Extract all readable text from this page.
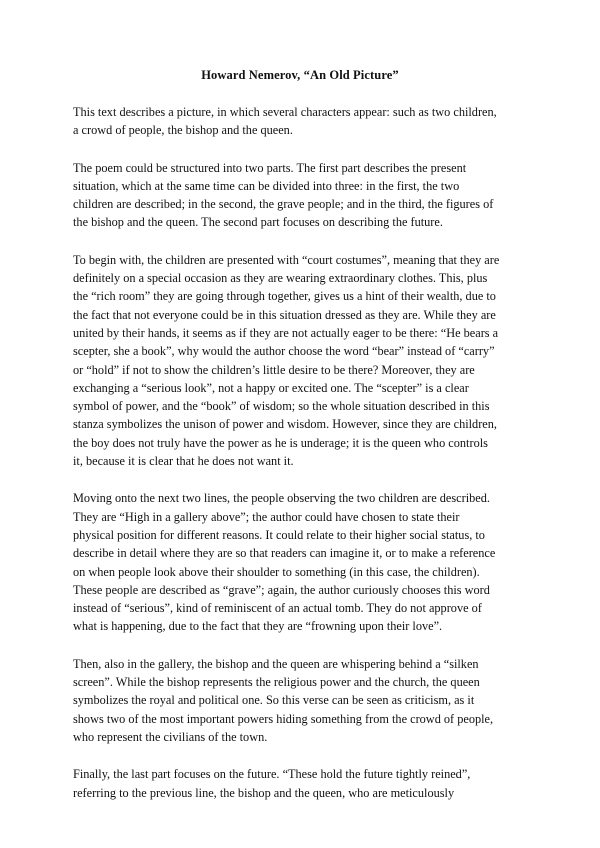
Howard Nemerov, “An Old Picture”

This text describes a picture, in which several characters appear: such as two children,
a crowd of people, the bishop and the queen.

The poem could be structured into two parts. The first part describes the present
situation, which at the same time can be divided into three: in the first, the two
children are described; in the second, the grave people; and in the third, the figures of
the bishop and the queen. The second part focuses on describing the future.

To begin with, the children are presented with “court costumes”, meaning that they are
definitely on a special occasion as they are wearing extraordinary clothes. This, plus
the “rich room” they are going through together, gives us a hint of their wealth, due to
the fact that not everyone could be in this situation dressed as they are. While they are
united by their hands, it seems as if they are not actually eager to be there: “He bears a
scepter, she a book”, why would the author choose the word “bear” instead of “carry”
or “hold” if not to show the children’s little desire to be there? Moreover, they are
exchanging a “serious look”, not a happy or excited one. The “scepter” is a clear
symbol of power, and the “book” of wisdom; so the whole situation described in this
stanza symbolizes the unison of power and wisdom. However, since they are children,
the boy does not truly have the power as he is underage; it is the queen who controls
it, because it is clear that he does not want it.

Moving onto the next two lines, the people observing the two children are described.
They are “High in a gallery above”; the author could have chosen to state their
physical position for different reasons. It could relate to their higher social status, to
describe in detail where they are so that readers can imagine it, or to make a reference
on when people look above their shoulder to something (in this case, the children).
These people are described as “grave”; again, the author curiously chooses this word
instead of “serious”, kind of reminiscent of an actual tomb. They do not approve of
what is happening, due to the fact that they are “frowning upon their love”.

Then, also in the gallery, the bishop and the queen are whispering behind a “silken
screen”. While the bishop represents the religious power and the church, the queen
symbolizes the royal and political one. So this verse can be seen as criticism, as it
shows two of the most important powers hiding something from the crowd of people,
who represent the civilians of the town.

Finally, the last part focuses on the future. “These hold the future tightly reined”,
referring to the previous line, the bishop and the queen, who are meticulously
